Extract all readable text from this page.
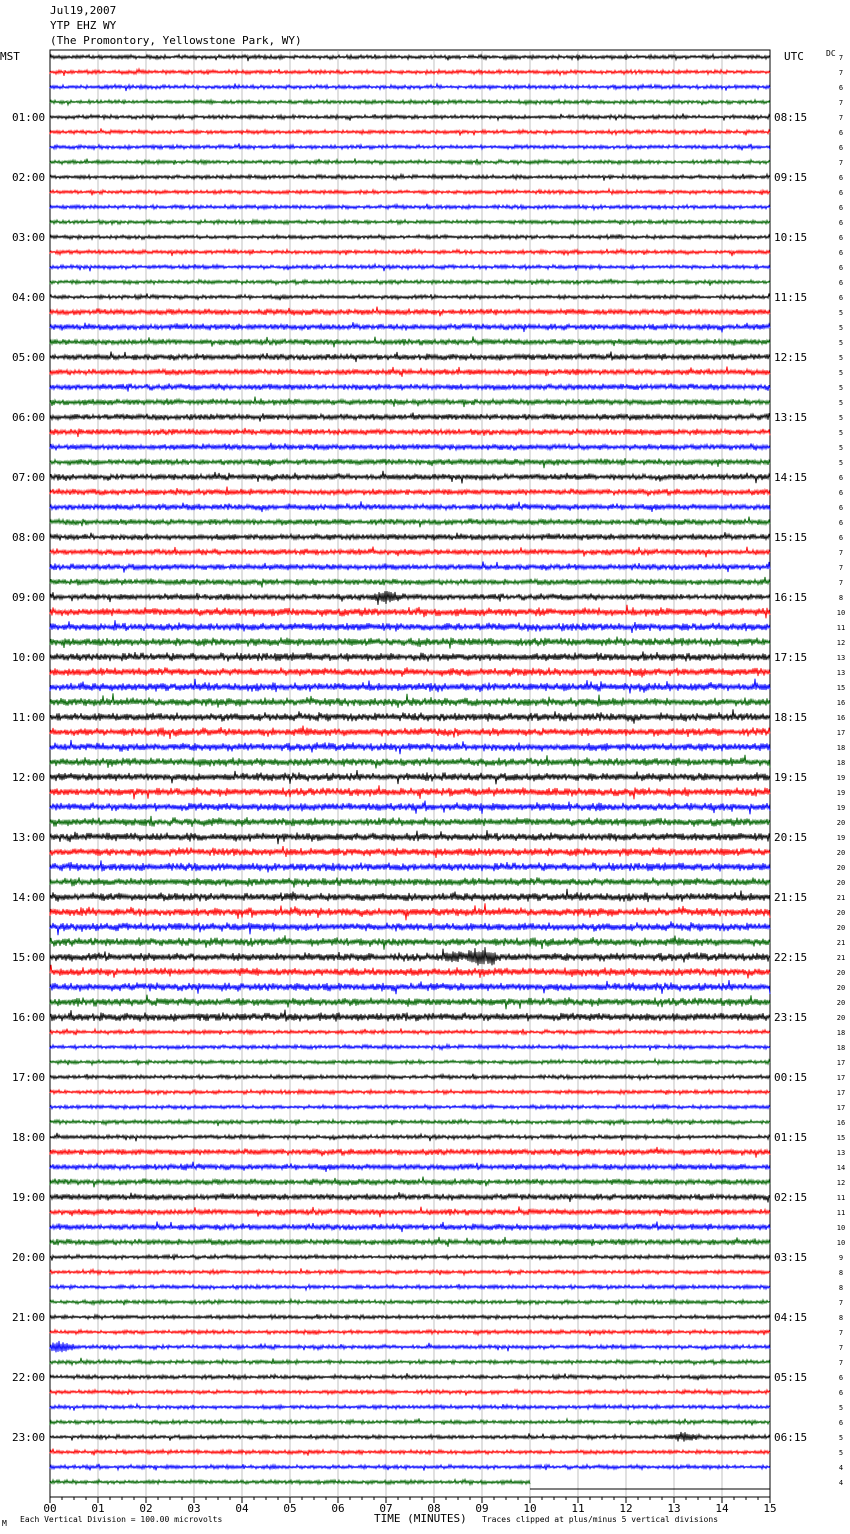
Jul19,2007
YTP EHZ WY
(The Promontory, Yellowstone Park, WY)
MST	UTC	DC 7
7
6
7
7
6
6
7
6
6
6
6
6
6
6
6
6
5
5
5
5
5
5
5
5
5
5
5
6
6
6
6
6
7
7
7
8
10
11
12
13
13
15
16
16
17
18
18
19
19
19
20
19
20
20
20
21
20
20
21
21
20
20
20
20
18
18
17
17
17
17
16
15
13
14
12
11
11
10
10
9
8
8
7
8
7
7
7
6
6
5
6
5
5
4
4
01:00
02:00
03:00
04:00
05:00
06:00
07:00
08:00
09:00
10:00
11:00
12:00
13:00
14:00
15:00
16:00
17:00
18:00
19:00
20:00
21:00
22:00
23:00
08:15
09:15
10:15
11:15
12:15
13:15
14:15
15:15
16:15
17:15
18:15
19:15
20:15
21:15
22:15
23:15
00:15
01:15
02:15
03:15
04:15
05:15
06:15
00	01	02	03	04	05	06	07	08	09	10	11	12	13	14	15
M Each Vertical Division = 100.00 microvolts	TIME (MINUTES) Traces clipped at plus/minus 5 vertical divisions
